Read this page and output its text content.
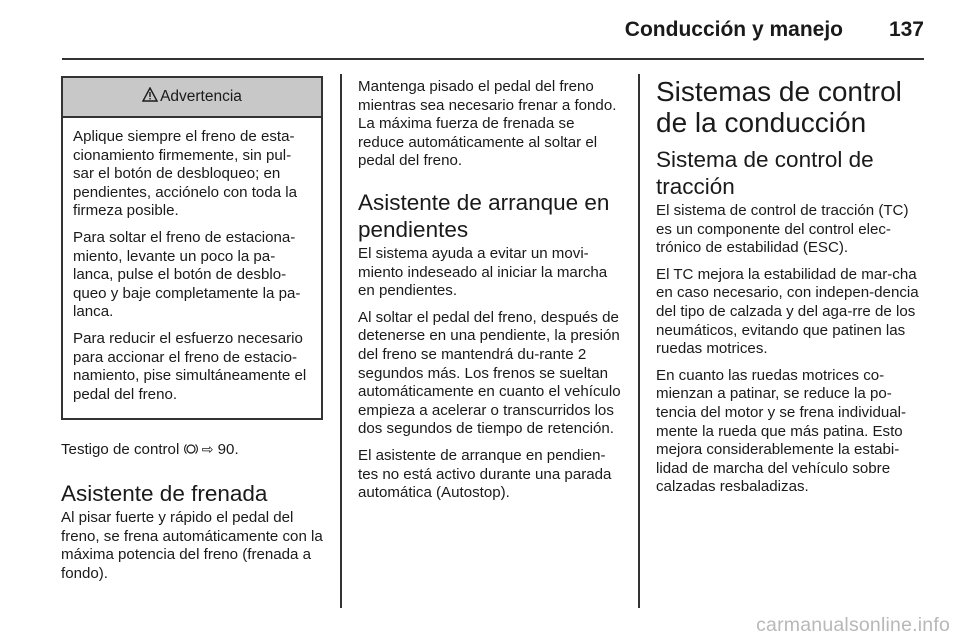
Conducción y manejo	137
Advertencia

Aplique siempre el freno de esta-cionamiento firmemente, sin pul-sar el botón de desbloqueo; en pendientes, acciónelo con toda la firmeza posible.

Para soltar el freno de estaciona-miento, levante un poco la pa-lanca, pulse el botón de desblo-queo y baje completamente la pa-lanca.

Para reducir el esfuerzo necesario para accionar el freno de estacio-namiento, pise simultáneamente el pedal del freno.

Testigo de control ⇨ 90.

Asistente de frenada

Al pisar fuerte y rápido el pedal del freno, se frena automáticamente con la máxima potencia del freno (frenada a fondo).

Mantenga pisado el pedal del freno mientras sea necesario frenar a fondo. La máxima fuerza de frenada se reduce automáticamente al soltar el pedal del freno.

Asistente de arranque en pendientes

El sistema ayuda a evitar un movi-miento indeseado al iniciar la marcha en pendientes.

Al soltar el pedal del freno, después de detenerse en una pendiente, la presión del freno se mantendrá du-rante 2 segundos más. Los frenos se sueltan automáticamente en cuanto el vehículo empieza a acelerar o transcurridos los dos segundos de tiempo de retención.

El asistente de arranque en pendien-tes no está activo durante una parada automática (Autostop).

Sistemas de control de la conducción
Sistema de control de tracción

El sistema de control de tracción (TC) es un componente del control elec-trónico de estabilidad (ESC).

El TC mejora la estabilidad de mar-cha en caso necesario, con indepen-dencia del tipo de calzada y del aga-rre de los neumáticos, evitando que patinen las ruedas motrices.

En cuanto las ruedas motrices co-mienzan a patinar, se reduce la po-tencia del motor y se frena individual-mente la rueda que más patina. Esto mejora considerablemente la estabi-lidad de marcha del vehículo sobre calzadas resbaladizas.

carmanualsonline.info
